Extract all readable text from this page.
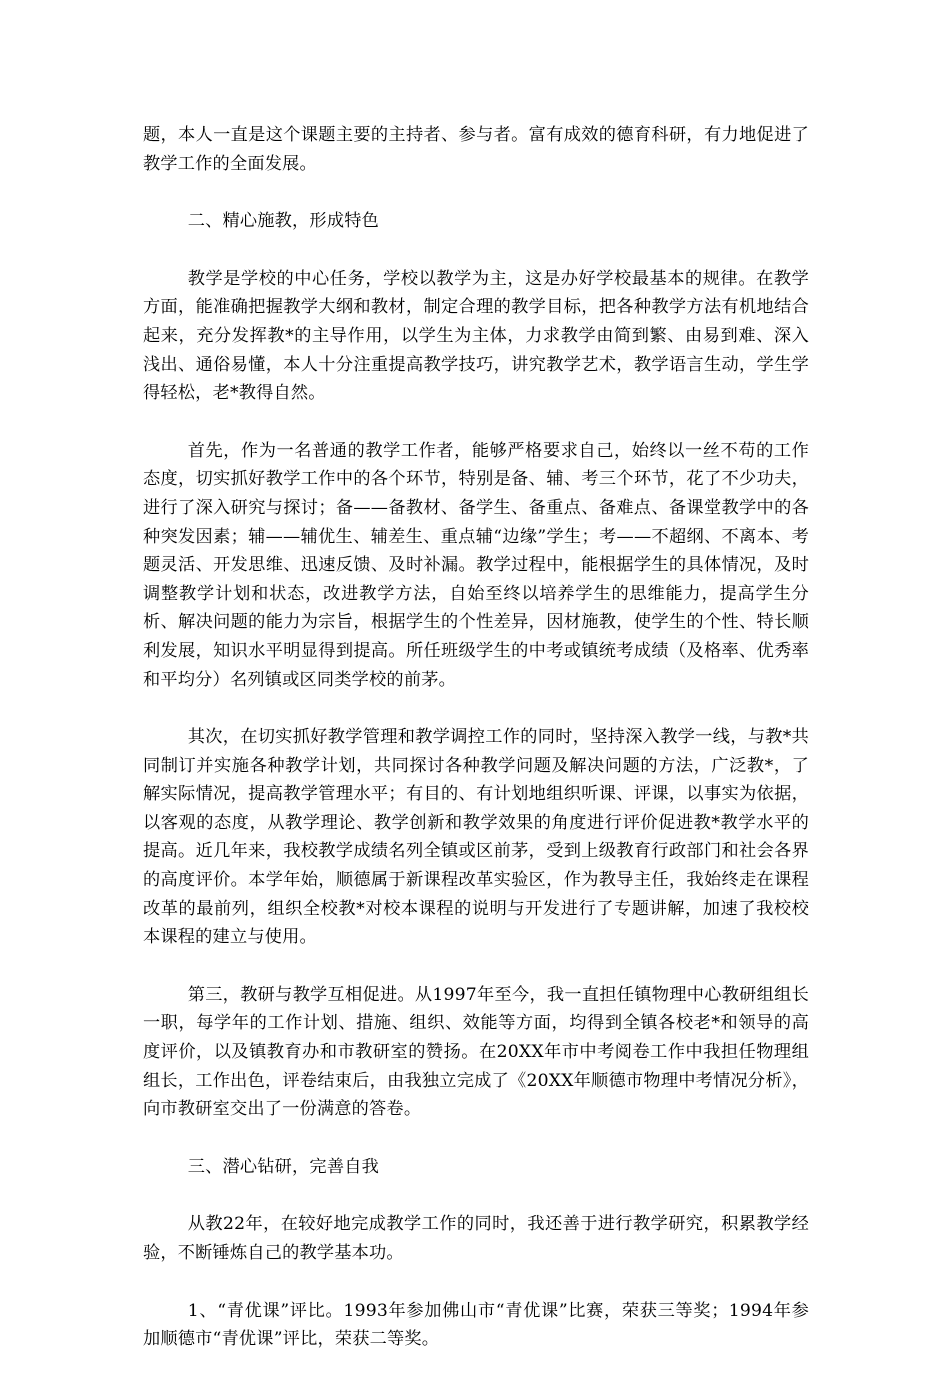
题，本人一直是这个课题主要的主持者、参与者。富有成效的德育科研，有力地促进了教学工作的全面发展。

二、精心施教，形成特色

教学是学校的中心任务，学校以教学为主，这是办好学校最基本的规律。在教学方面，能准确把握教学大纲和教材，制定合理的教学目标，把各种教学方法有机地结合起来，充分发挥教*的主导作用，以学生为主体，力求教学由简到繁、由易到难、深入浅出、通俗易懂，本人十分注重提高教学技巧，讲究教学艺术，教学语言生动，学生学得轻松，老*教得自然。

首先，作为一名普通的教学工作者，能够严格要求自己，始终以一丝不苟的工作态度，切实抓好教学工作中的各个环节，特别是备、辅、考三个环节，花了不少功夫，进行了深入研究与探讨；备——备教材、备学生、备重点、备难点、备课堂教学中的各种突发因素；辅——辅优生、辅差生、重点辅“边缘”学生；考——不超纲、不离本、考题灵活、开发思维、迅速反馈、及时补漏。教学过程中，能根据学生的具体情况，及时调整教学计划和状态，改进教学方法，自始至终以培养学生的思维能力，提高学生分析、解决问题的能力为宗旨，根据学生的个性差异，因材施教，使学生的个性、特长顺利发展，知识水平明显得到提高。所任班级学生的中考或镇统考成绩（及格率、优秀率和平均分）名列镇或区同类学校的前茅。

其次，在切实抓好教学管理和教学调控工作的同时，坚持深入教学一线，与教*共同制订并实施各种教学计划，共同探讨各种教学问题及解决问题的方法，广泛教*，了解实际情况，提高教学管理水平；有目的、有计划地组织听课、评课，以事实为依据，以客观的态度，从教学理论、教学创新和教学效果的角度进行评价促进教*教学水平的提高。近几年来，我校教学成绩名列全镇或区前茅，受到上级教育行政部门和社会各界的高度评价。本学年始，顺德属于新课程改革实验区，作为教导主任，我始终走在课程改革的最前列，组织全校教*对校本课程的说明与开发进行了专题讲解，加速了我校校本课程的建立与使用。

第三，教研与教学互相促进。从1997年至今，我一直担任镇物理中心教研组组长一职，每学年的工作计划、措施、组织、效能等方面，均得到全镇各校老*和领导的高度评价，以及镇教育办和市教研室的赞扬。在20XX年市中考阅卷工作中我担任物理组组长，工作出色，评卷结束后，由我独立完成了《20XX年顺德市物理中考情况分析》，向市教研室交出了一份满意的答卷。

三、潜心钻研，完善自我

从教22年，在较好地完成教学工作的同时，我还善于进行教学研究，积累教学经验，不断锤炼自己的教学基本功。

1、“青优课”评比。1993年参加佛山市“青优课”比赛，荣获三等奖；1994年参加顺德市“青优课”评比，荣获二等奖。
